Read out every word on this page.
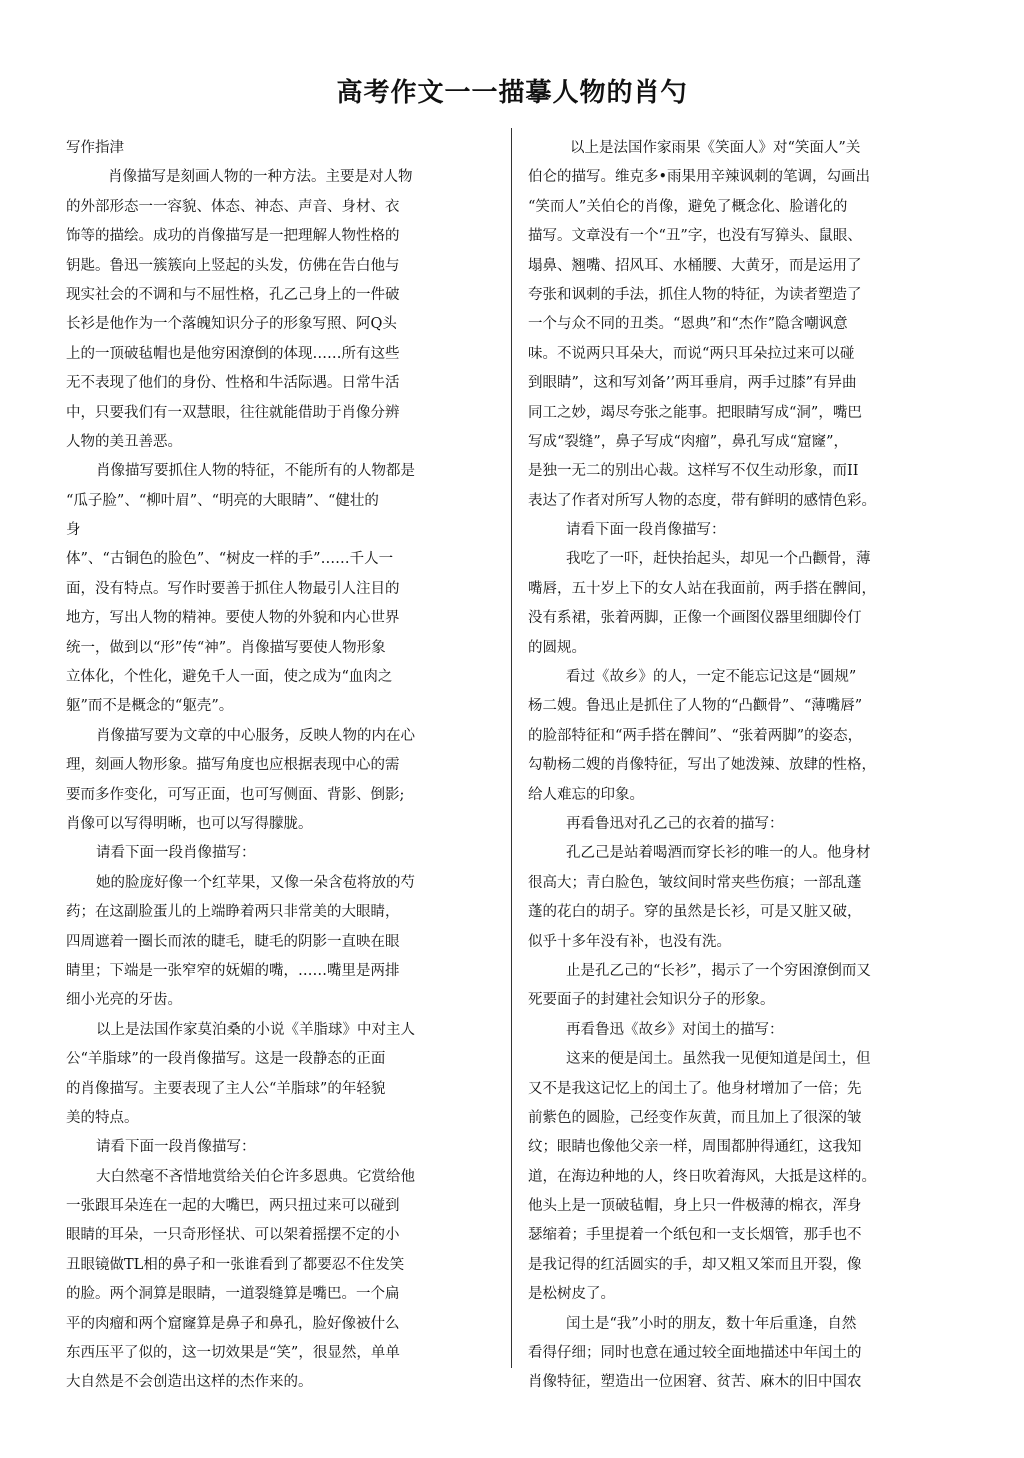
高考作文一一描摹人物的肖勺
写作指津
肖像描写是刻画人物的一种方法。主要是对人物
的外部形态一一容貌、体态、神态、声音、身材、衣
饰等的描绘。成功的肖像描写是一把理解人物性格的
钥匙。鲁迅一簇簇向上竖起的头发，仿佛在告白他与
现实社会的不调和与不屈性格，孔乙己身上的一件破
长衫是他作为一个落魄知识分子的形象写照、阿Q头
上的一顶破毡帽也是他穷困潦倒的体现……所有这些
无不表现了他们的身份、性格和牛活际遇。日常牛活
中，只要我们有一双慧眼，往往就能借助于肖像分辨
人物的美丑善恶。
肖像描写要抓住人物的特征，不能所有的人物都是
“瓜子脸”、“柳叶眉”、“明亮的大眼睛”、“健壮的
身
体”、“古铜色的脸色”、“树皮一样的手”……千人一
面，没有特点。写作时要善于抓住人物最引人注目的
地方，写出人物的精神。要使人物的外貌和内心世界
统一，做到以“形”传“神”。肖像描写要使人物形象
立体化，个性化，避免千人一面，使之成为“血肉之
躯”而不是概念的“躯壳”。
肖像描写要为文章的中心服务，反映人物的内在心
理，刻画人物形象。描写角度也应根据表现中心的需
要而多作变化，可写正面，也可写侧面、背影、倒影;
肖像可以写得明晰，也可以写得朦胧。
请看下面一段肖像描写：
她的脸庞好像一个红苹果，又像一朵含苞将放的芍
药；在这副脸蛋儿的上端睁着两只非常美的大眼睛，
四周遮着一圈长而浓的睫毛，睫毛的阴影一直映在眼
睛里；下端是一张窄窄的妩媚的嘴，……嘴里是两排
细小光亮的牙齿。
以上是法国作家莫泊桑的小说《羊脂球》中对主人
公“羊脂球”的一段肖像描写。这是一段静态的正面
的肖像描写。主要表现了主人公“羊脂球”的年轻貌
美的特点。
请看下面一段肖像描写：
大白然毫不吝惜地赏给关伯仑许多恩典。它赏给他
一张跟耳朵连在一起的大嘴巴，两只扭过来可以碰到
眼睛的耳朵，一只奇形怪状、可以架着摇摆不定的小
丑眼镜做TL相的鼻子和一张谁看到了都要忍不住发笑
的脸。两个洞算是眼睛，一道裂缝算是嘴巴。一个扁
平的肉瘤和两个窟窿算是鼻子和鼻孔，脸好像被什么
东西压平了似的，这一切效果是“笑”，很显然，单单
大自然是不会创造出这样的杰作来的。
以上是法国作家雨果《笑面人》对“笑面人”关
伯仑的描写。维克多•雨果用辛辣讽刺的笔调，勾画出
“笑而人”关伯仑的肖像，避免了概念化、脸谱化的
描写。文章没有一个“丑”字，也没有写獐头、鼠眼、
塌鼻、翘嘴、招风耳、水桶腰、大黄牙，而是运用了
夸张和讽刺的手法，抓住人物的特征，为读者塑造了
一个与众不同的丑类。“恩典”和“杰作”隐含嘲讽意
味。不说两只耳朵大，而说“两只耳朵拉过来可以碰
到眼睛”，这和写刘备’’两耳垂肩，两手过膝”有异曲
同工之妙，竭尽夸张之能事。把眼睛写成“洞”，嘴巴
写成“裂缝”，鼻子写成“肉瘤”，鼻孔写成“窟窿”，
是独一无二的别出心裁。这样写不仅生动形象，而II
表达了作者对所写人物的态度，带有鲜明的感情色彩。
请看下面一段肖像描写：
我吃了一吓，赶快抬起头，却见一个凸颧骨，薄
嘴唇，五十岁上下的女人站在我面前，两手搭在髀间，
没有系裙，张着两脚，正像一个画图仪器里细脚伶仃
的圆规。
看过《故乡》的人，一定不能忘记这是“圆规”
杨二嫂。鲁迅止是抓住了人物的“凸颧骨”、“薄嘴唇”
的脸部特征和“两手搭在髀间”、“张着两脚”的姿态，
勾勒杨二嫂的肖像特征，写出了她泼辣、放肆的性格，
给人难忘的印象。
再看鲁迅对孔乙己的衣着的描写：
孔乙己是站着喝酒而穿长衫的唯一的人。他身材
很高大；青白脸色，皱纹间时常夹些伤痕；一部乱蓬
蓬的花白的胡子。穿的虽然是长衫，可是又脏又破，
似乎十多年没有补，也没有洗。
止是孔乙己的“长衫”，揭示了一个穷困潦倒而又
死要面子的封建社会知识分子的形象。
再看鲁迅《故乡》对闰土的描写：
这来的便是闰土。虽然我一见便知道是闰土，但
又不是我这记忆上的闰土了。他身材增加了一倍；先
前紫色的圆脸，己经变作灰黄，而且加上了很深的皱
纹；眼睛也像他父亲一样，周围都肿得通红，这我知
道，在海边种地的人，终日吹着海风，大抵是这样的。
他头上是一顶破毡帽，身上只一件极薄的棉衣，浑身
瑟缩着；手里提着一个纸包和一支长烟管，那手也不
是我记得的红活圆实的手，却又粗又笨而且开裂，像
是松树皮了。
闰土是“我”小时的朋友，数十年后重逢，自然
看得仔细；同时也意在通过较全面地描述中年闰土的
肖像特征，塑造出一位困窘、贫苦、麻木的旧中国农
